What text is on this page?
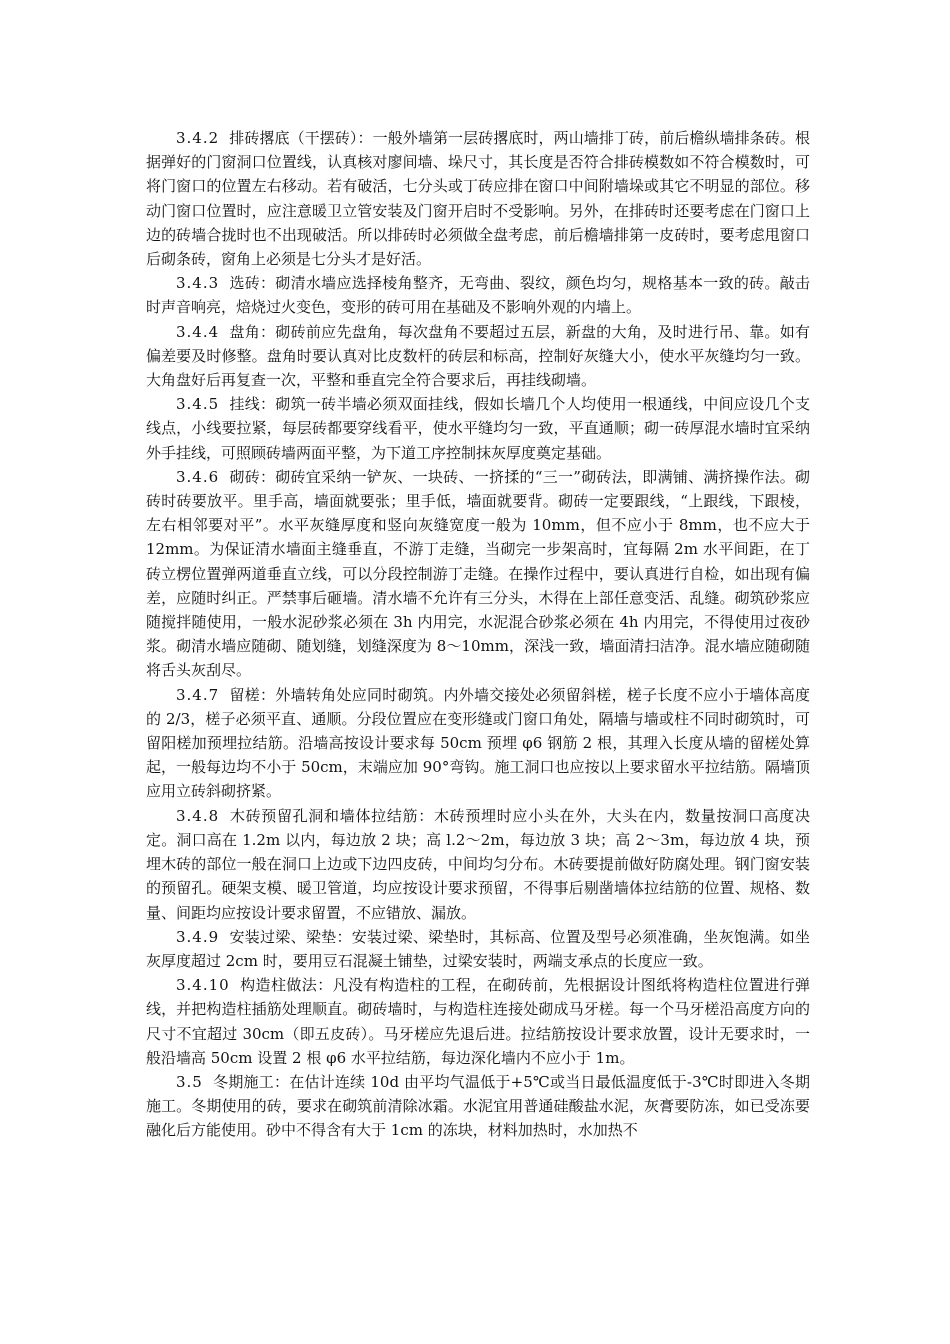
3.4.2 排砖撂底（干摆砖）：一般外墙第一层砖撂底时，两山墙排丁砖，前后檐纵墙排条砖。根据弹好的门窗洞口位置线，认真核对廖间墙、垛尺寸，其长度是否符合排砖模数如不符合模数时，可将门窗口的位置左右移动。若有破活，七分头或丁砖应排在窗口中间附墙垛或其它不明显的部位。移动门窗口位置时，应注意暖卫立管安装及门窗开启时不受影响。另外，在排砖时还要考虑在门窗口上边的砖墙合拢时也不出现破活。所以排砖时必须做全盘考虑，前后檐墙排第一皮砖时，要考虑甩窗口后砌条砖，窗角上必须是七分头才是好活。

3.4.3 选砖：砌清水墙应选择棱角整齐，无弯曲、裂纹，颜色均匀，规格基本一致的砖。敲击时声音响亮，焙烧过火变色，变形的砖可用在基础及不影响外观的内墙上。

3.4.4 盘角：砌砖前应先盘角，每次盘角不要超过五层，新盘的大角，及时进行吊、靠。如有偏差要及时修整。盘角时要认真对比皮数杆的砖层和标高，控制好灰缝大小，使水平灰缝均匀一致。大角盘好后再复查一次，平整和垂直完全符合要求后，再挂线砌墙。

3.4.5 挂线：砌筑一砖半墙必须双面挂线，假如长墙几个人均使用一根通线，中间应设几个支线点，小线要拉紧，每层砖都要穿线看平，使水平缝均匀一致，平直通顺；砌一砖厚混水墙时宜采纳外手挂线，可照顾砖墙两面平整，为下道工序控制抹灰厚度奠定基础。

3.4.6 砌砖：砌砖宜采纳一铲灰、一块砖、一挤揉的“三一”砌砖法，即满铺、满挤操作法。砌砖时砖要放平。里手高，墙面就要张；里手低，墙面就要背。砌砖一定要跟线，“上跟线，下跟棱，左右相邻要对平”。水平灰缝厚度和竖向灰缝宽度一般为 10mm，但不应小于 8mm，也不应大于 12mm。为保证清水墙面主缝垂直，不游丁走缝，当砌完一步架高时，宜每隔 2m 水平间距，在丁砖立楞位置弹两道垂直立线，可以分段控制游丁走缝。在操作过程中，要认真进行自检，如出现有偏差，应随时纠正。严禁事后砸墙。清水墙不允许有三分头，木得在上部任意变活、乱缝。砌筑砂浆应随搅拌随使用，一般水泥砂浆必须在 3h 内用完，水泥混合砂浆必须在 4h 内用完，不得使用过夜砂浆。砌清水墙应随砌、随划缝，划缝深度为 8～10mm，深浅一致，墙面清扫洁净。混水墙应随砌随将舌头灰刮尽。

3.4.7 留槎：外墙转角处应同时砌筑。内外墙交接处必须留斜槎，槎子长度不应小于墙体高度的 2/3，槎子必须平直、通顺。分段位置应在变形缝或门窗口角处，隔墙与墙或柱不同时砌筑时，可留阳槎加预埋拉结筋。沿墙高按设计要求每 50cm 预埋 φ6 钢筋 2 根，其理入长度从墙的留槎处算起，一般每边均不小于 50cm，末端应加 90°弯钩。施工洞口也应按以上要求留水平拉结筋。隔墙顶应用立砖斜砌挤紧。

3.4.8 木砖预留孔洞和墙体拉结筋：木砖预埋时应小头在外，大头在内，数量按洞口高度决定。洞口高在 1.2m 以内，每边放 2 块；高 l.2～2m，每边放 3 块；高 2～3m，每边放 4 块，预埋木砖的部位一般在洞口上边或下边四皮砖，中间均匀分布。木砖要提前做好防腐处理。钢门窗安装的预留孔。硬架支模、暖卫管道，均应按设计要求预留，不得事后剔凿墙体拉结筋的位置、规格、数量、间距均应按设计要求留置，不应错放、漏放。

3.4.9 安装过梁、梁垫：安装过梁、梁垫时，其标高、位置及型号必须准确，坐灰饱满。如坐灰厚度超过 2cm 时，要用豆石混凝土铺垫，过梁安装时，两端支承点的长度应一致。

3.4.10 构造柱做法：凡没有构造柱的工程，在砌砖前，先根据设计图纸将构造柱位置进行弹线，并把构造柱插筋处理顺直。砌砖墙时，与构造柱连接处砌成马牙槎。每一个马牙槎沿高度方向的尺寸不宜超过 30cm（即五皮砖）。马牙槎应先退后进。拉结筋按设计要求放置，设计无要求时，一般沿墙高 50cm 设置 2 根 φ6 水平拉结筋，每边深化墙内不应小于 1m。

3.5 冬期施工：在估计连续 10d 由平均气温低于+5℃或当日最低温度低于-3℃时即进入冬期施工。冬期使用的砖，要求在砌筑前清除冰霜。水泥宜用普通硅酸盐水泥，灰膏要防冻，如已受冻要融化后方能使用。砂中不得含有大于 1cm 的冻块，材料加热时，水加热不
